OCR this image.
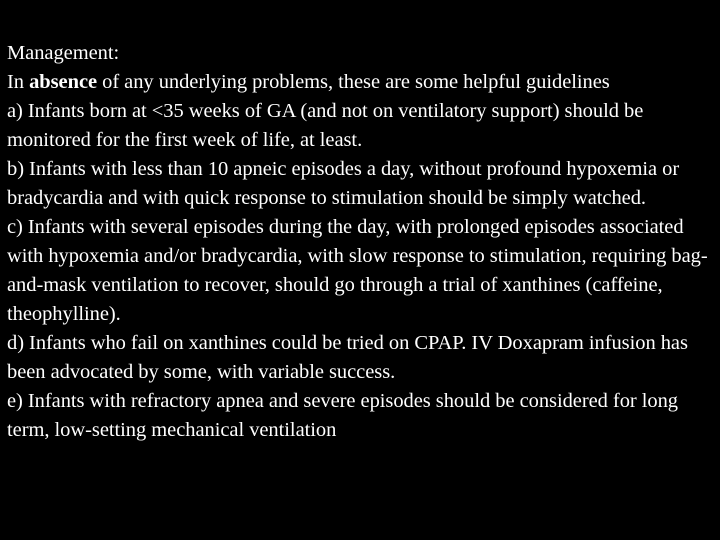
Management:

In absence of any underlying problems, these are some helpful guidelines

a) Infants born at <35 weeks of GA (and not on ventilatory support) should be monitored for the first week of life, at least.

b) Infants with less than 10 apneic episodes a day, without profound hypoxemia or bradycardia and with quick response to stimulation should be simply watched.

c) Infants with several episodes during the day, with prolonged episodes associated with hypoxemia and/or bradycardia, with slow response to stimulation, requiring bag-and-mask ventilation to recover, should go through a trial of xanthines (caffeine, theophylline).

d) Infants who fail on xanthines could be tried on CPAP. IV Doxapram infusion has been advocated by some, with variable success.

e) Infants with refractory apnea and severe episodes should be considered for long term, low-setting mechanical ventilation
